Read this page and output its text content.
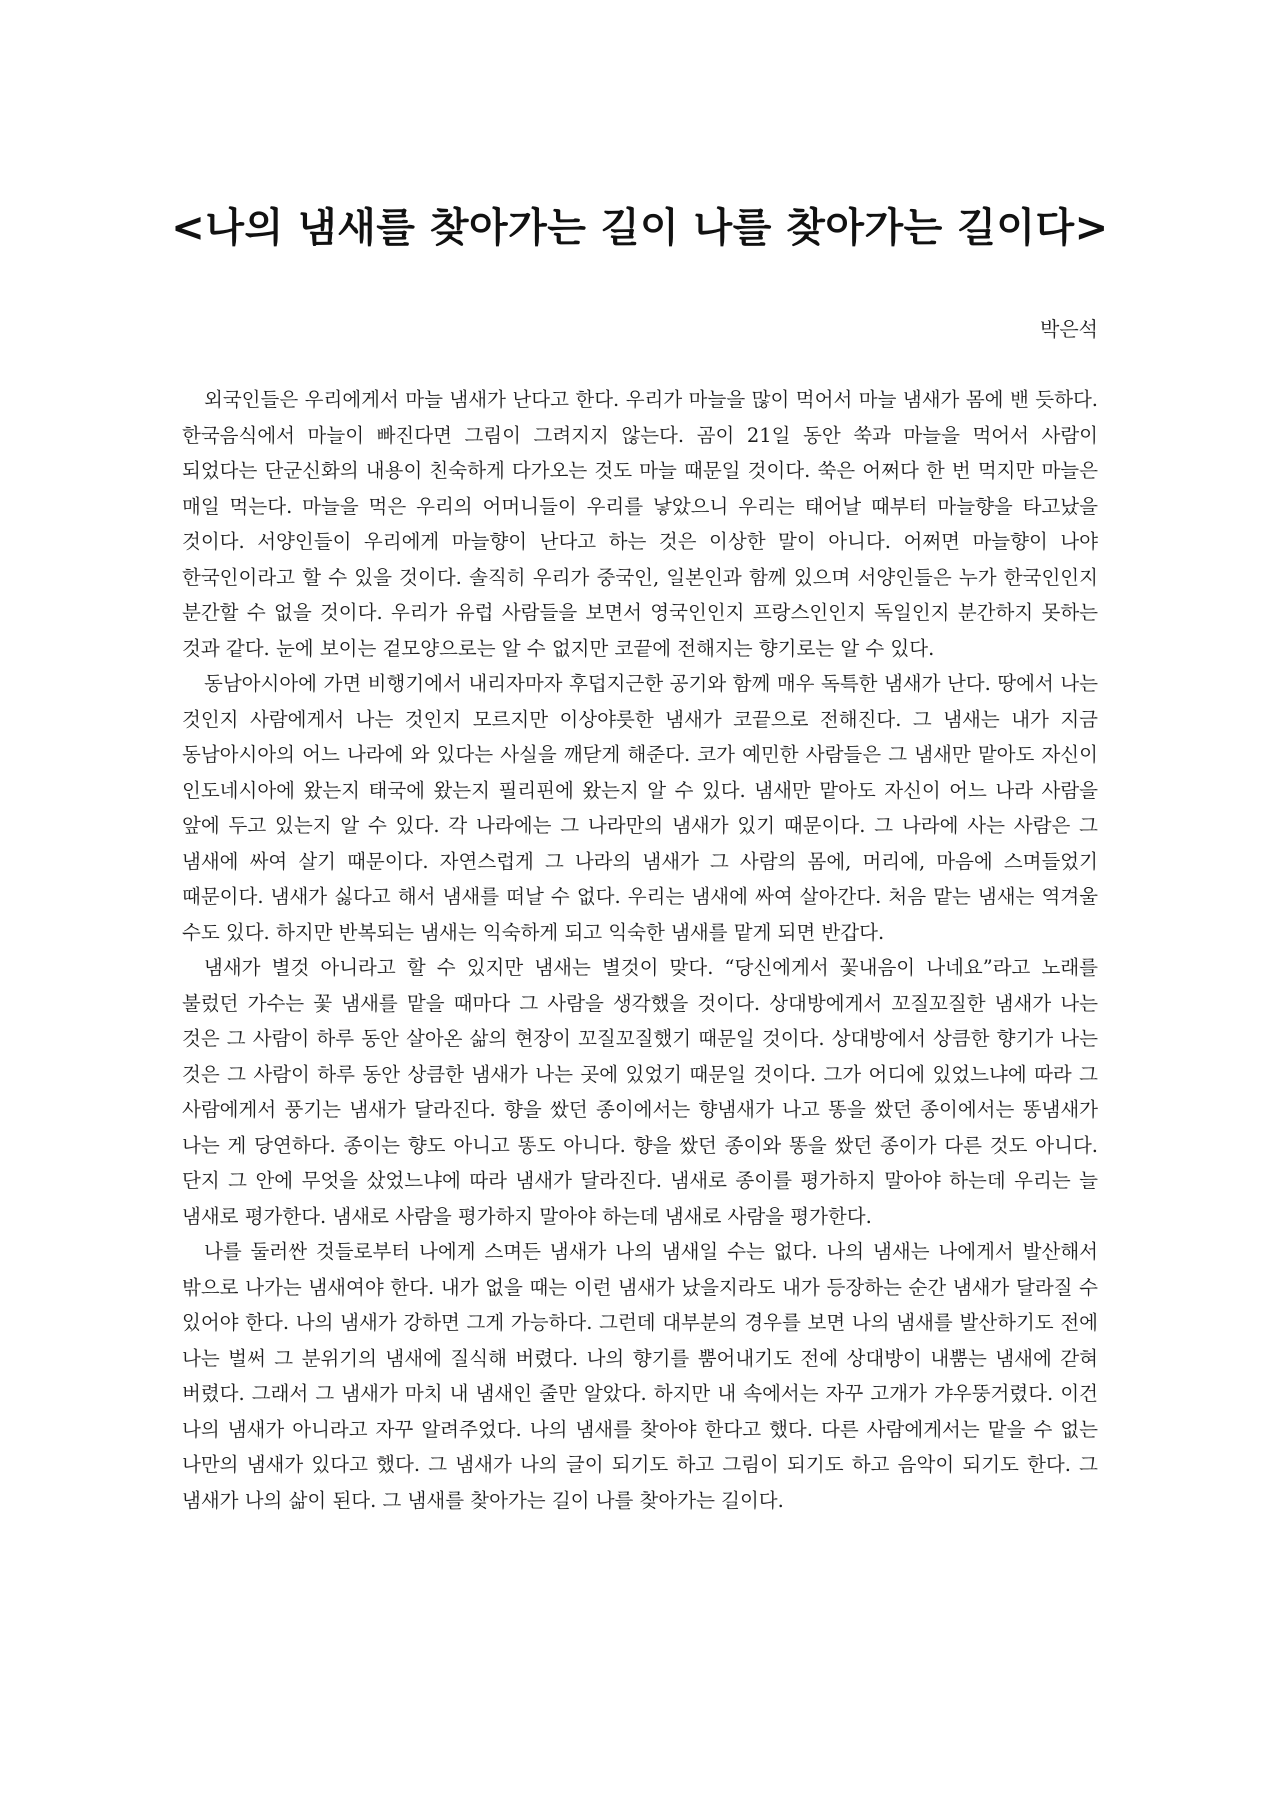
<나의 냄새를 찾아가는 길이 나를 찾아가는 길이다>

박은석

외국인들은 우리에게서 마늘 냄새가 난다고 한다. 우리가 마늘을 많이 먹어서 마늘 냄새가 몸에 밴 듯하다. 한국음식에서 마늘이 빠진다면 그림이 그려지지 않는다. 곰이 21일 동안 쑥과 마늘을 먹어서 사람이 되었다는 단군신화의 내용이 친숙하게 다가오는 것도 마늘 때문일 것이다. 쑥은 어쩌다 한 번 먹지만 마늘은 매일 먹는다. 마늘을 먹은 우리의 어머니들이 우리를 낳았으니 우리는 태어날 때부터 마늘향을 타고났을 것이다. 서양인들이 우리에게 마늘향이 난다고 하는 것은 이상한 말이 아니다. 어쩌면 마늘향이 나야 한국인이라고 할 수 있을 것이다. 솔직히 우리가 중국인, 일본인과 함께 있으며 서양인들은 누가 한국인인지 분간할 수 없을 것이다. 우리가 유럽 사람들을 보면서 영국인인지 프랑스인인지 독일인지 분간하지 못하는 것과 같다. 눈에 보이는 겉모양으로는 알 수 없지만 코끝에 전해지는 향기로는 알 수 있다.

동남아시아에 가면 비행기에서 내리자마자 후덥지근한 공기와 함께 매우 독특한 냄새가 난다. 땅에서 나는 것인지 사람에게서 나는 것인지 모르지만 이상야릇한 냄새가 코끝으로 전해진다. 그 냄새는 내가 지금 동남아시아의 어느 나라에 와 있다는 사실을 깨닫게 해준다. 코가 예민한 사람들은 그 냄새만 맡아도 자신이 인도네시아에 왔는지 태국에 왔는지 필리핀에 왔는지 알 수 있다. 냄새만 맡아도 자신이 어느 나라 사람을 앞에 두고 있는지 알 수 있다. 각 나라에는 그 나라만의 냄새가 있기 때문이다. 그 나라에 사는 사람은 그 냄새에 싸여 살기 때문이다. 자연스럽게 그 나라의 냄새가 그 사람의 몸에, 머리에, 마음에 스며들었기 때문이다. 냄새가 싫다고 해서 냄새를 떠날 수 없다. 우리는 냄새에 싸여 살아간다. 처음 맡는 냄새는 역겨울 수도 있다. 하지만 반복되는 냄새는 익숙하게 되고 익숙한 냄새를 맡게 되면 반갑다.

냄새가 별것 아니라고 할 수 있지만 냄새는 별것이 맞다. “당신에게서 꽃내음이 나네요”라고 노래를 불렀던 가수는 꽃 냄새를 맡을 때마다 그 사람을 생각했을 것이다. 상대방에게서 꼬질꼬질한 냄새가 나는 것은 그 사람이 하루 동안 살아온 삶의 현장이 꼬질꼬질했기 때문일 것이다. 상대방에서 상큼한 향기가 나는 것은 그 사람이 하루 동안 상큼한 냄새가 나는 곳에 있었기 때문일 것이다. 그가 어디에 있었느냐에 따라 그 사람에게서 풍기는 냄새가 달라진다. 향을 쌌던 종이에서는 향냄새가 나고 똥을 쌌던 종이에서는 똥냄새가 나는 게 당연하다. 종이는 향도 아니고 똥도 아니다. 향을 쌌던 종이와 똥을 쌌던 종이가 다른 것도 아니다. 단지 그 안에 무엇을 샀었느냐에 따라 냄새가 달라진다. 냄새로 종이를 평가하지 말아야 하는데 우리는 늘 냄새로 평가한다. 냄새로 사람을 평가하지 말아야 하는데 냄새로 사람을 평가한다.

나를 둘러싼 것들로부터 나에게 스며든 냄새가 나의 냄새일 수는 없다. 나의 냄새는 나에게서 발산해서 밖으로 나가는 냄새여야 한다. 내가 없을 때는 이런 냄새가 났을지라도 내가 등장하는 순간 냄새가 달라질 수 있어야 한다. 나의 냄새가 강하면 그게 가능하다. 그런데 대부분의 경우를 보면 나의 냄새를 발산하기도 전에 나는 벌써 그 분위기의 냄새에 질식해 버렸다. 나의 향기를 뿜어내기도 전에 상대방이 내뿜는 냄새에 갇혀 버렸다. 그래서 그 냄새가 마치 내 냄새인 줄만 알았다. 하지만 내 속에서는 자꾸 고개가 갸우뚱거렸다. 이건 나의 냄새가 아니라고 자꾸 알려주었다. 나의 냄새를 찾아야 한다고 했다. 다른 사람에게서는 맡을 수 없는 나만의 냄새가 있다고 했다. 그 냄새가 나의 글이 되기도 하고 그림이 되기도 하고 음악이 되기도 한다. 그 냄새가 나의 삶이 된다. 그 냄새를 찾아가는 길이 나를 찾아가는 길이다.
